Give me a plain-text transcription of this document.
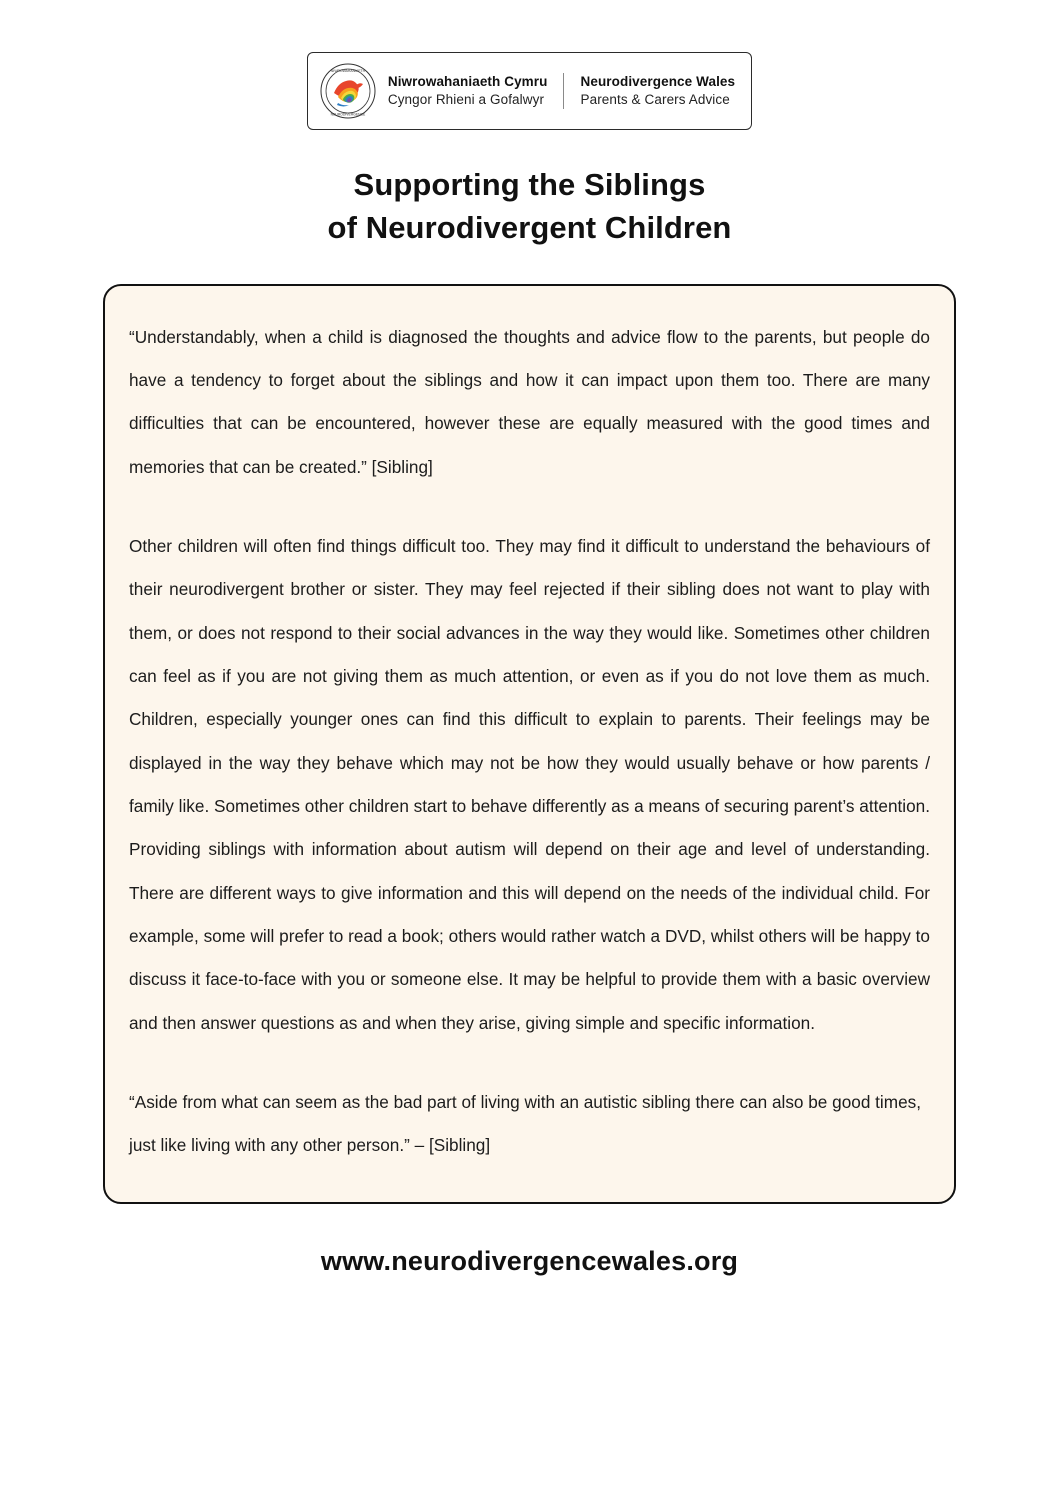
NIWROWAHANIAETH
NEURODIVERGENCE
Niwrowahaniaeth Cymru
Cyngor Rhieni a Gofalwyr
Neurodivergence Wales
Parents & Carers Advice
Supporting the Siblings
of Neurodivergent Children

“Understandably, when a child is diagnosed the thoughts and advice flow to the parents, but people do have a tendency to forget about the siblings and how it can impact upon them too. There are many difficulties that can be encountered, however these are equally measured with the good times and memories that can be created.” [Sibling]

Other children will often find things difficult too. They may find it difficult to understand the behaviours of their neurodivergent brother or sister. They may feel rejected if their sibling does not want to play with them, or does not respond to their social advances in the way they would like. Sometimes other children can feel as if you are not giving them as much attention, or even as if you do not love them as much. Children, especially younger ones can find this difficult to explain to parents. Their feelings may be displayed in the way they behave which may not be how they would usually behave or how parents / family like. Sometimes other children start to behave differently as a means of securing parent’s attention. Providing siblings with information about autism will depend on their age and level of understanding. There are different ways to give information and this will depend on the needs of the individual child. For example, some will prefer to read a book; others would rather watch a DVD, whilst others will be happy to discuss it face-to-face with you or someone else. It may be helpful to provide them with a basic overview and then answer questions as and when they arise, giving simple and specific information.

“Aside from what can seem as the bad part of living with an autistic sibling there can also be good times, just like living with any other person.” – [Sibling]

www.neurodivergencewales.org
